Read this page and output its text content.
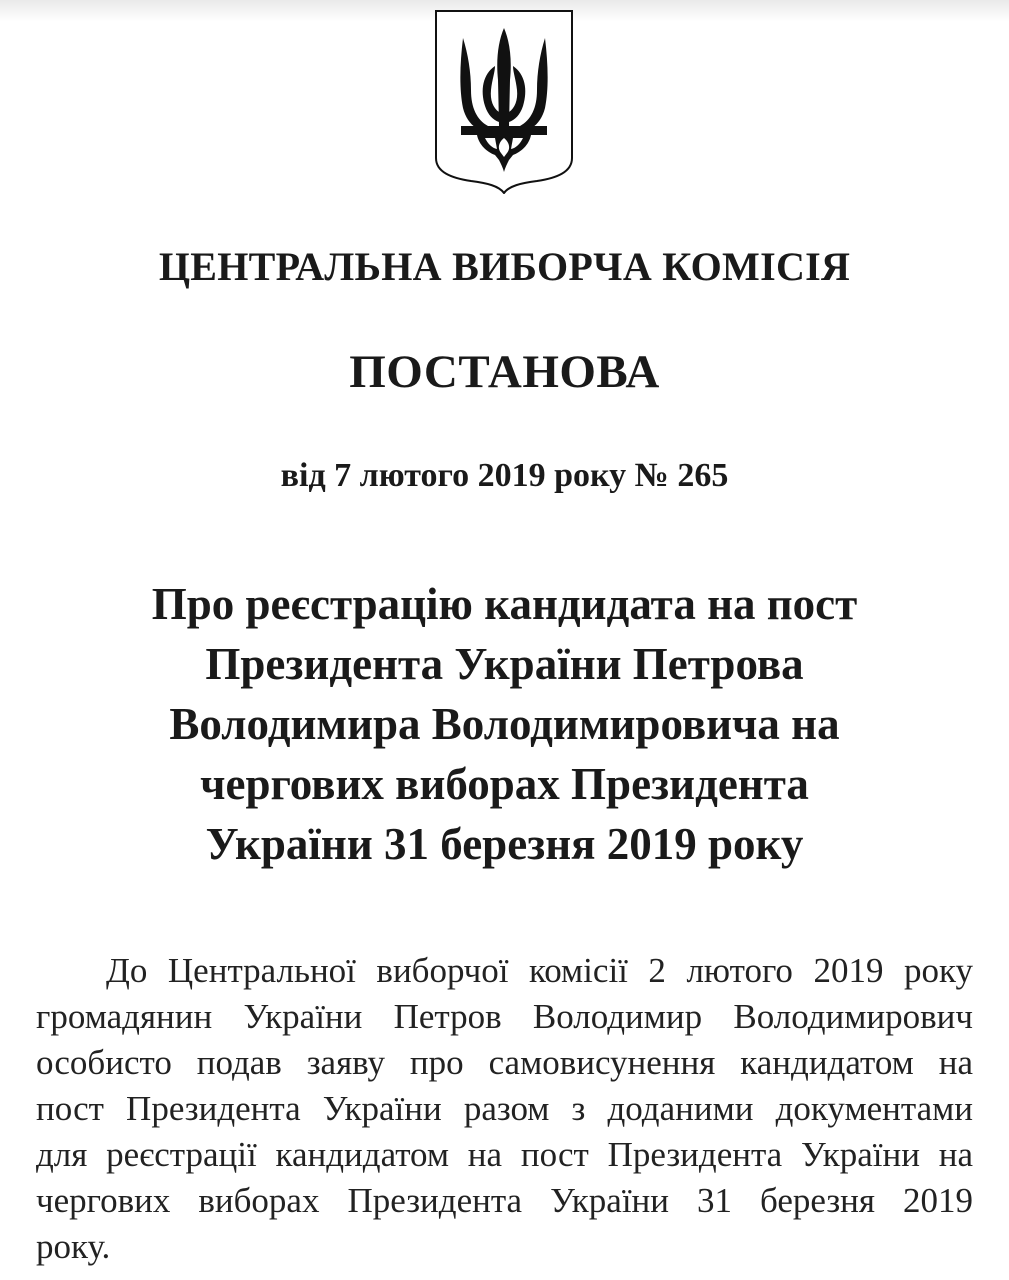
ЦЕНТРАЛЬНА ВИБОРЧА КОМІСІЯ
ПОСТАНОВА
від 7 лютого 2019 року № 265
Про реєстрацію кандидата на пост
Президента України Петрова
Володимира Володимировича на
чергових виборах Президента
України 31 березня 2019 року
До Центральної виборчої комісії 2 лютого 2019 року
громадянин України Петров Володимир Володимирович
особисто подав заяву про самовисунення кандидатом на
пост Президента України разом з доданими документами
для реєстрації кандидатом на пост Президента України на
чергових виборах Президента України 31 березня 2019
року.
